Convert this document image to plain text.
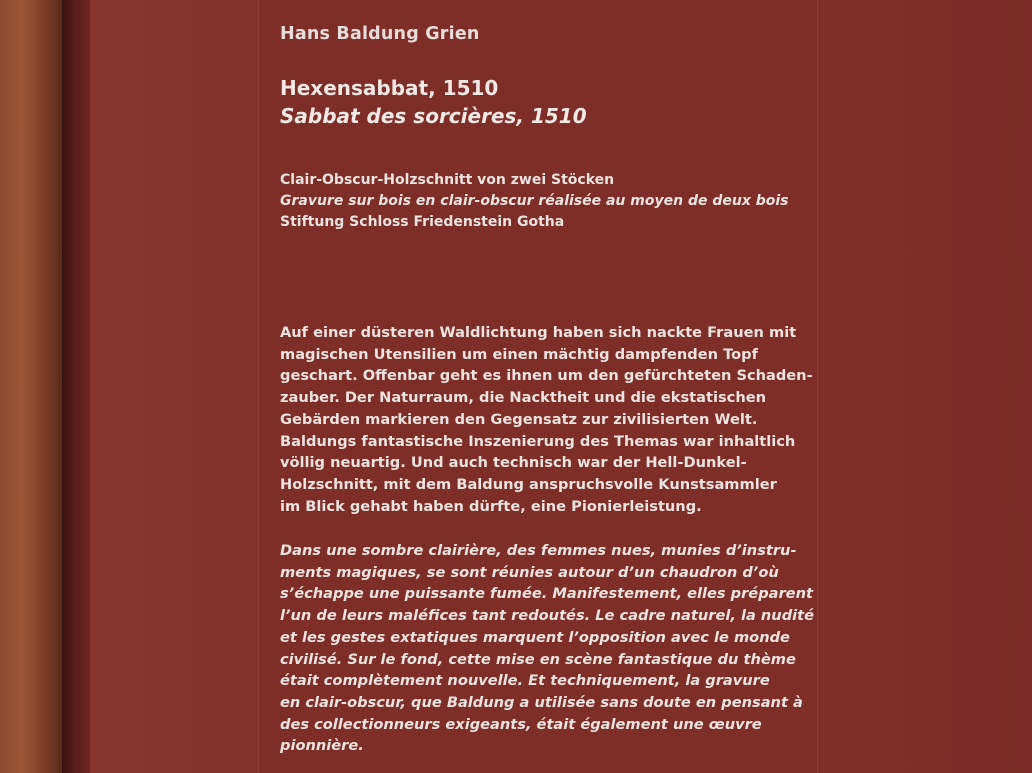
Hans Baldung Grien
Hexensabbat, 1510
Sabbat des sorcières, 1510
Clair-Obscur-Holzschnitt von zwei Stöcken
Gravure sur bois en clair-obscur réalisée au moyen de deux bois
Stiftung Schloss Friedenstein Gotha
Auf einer düsteren Waldlichtung haben sich nackte Frauen mit
magischen Utensilien um einen mächtig dampfenden Topf
geschart. Offenbar geht es ihnen um den gefürchteten Schaden-
zauber. Der Naturraum, die Nacktheit und die ekstatischen
Gebärden markieren den Gegensatz zur zivilisierten Welt.
Baldungs fantastische Inszenierung des Themas war inhaltlich
völlig neuartig. Und auch technisch war der Hell-Dunkel-
Holzschnitt, mit dem Baldung anspruchsvolle Kunstsammler
im Blick gehabt haben dürfte, eine Pionierleistung.
Dans une sombre clairière, des femmes nues, munies d’instru-
ments magiques, se sont réunies autour d’un chaudron d’où
s’échappe une puissante fumée. Manifestement, elles préparent
l’un de leurs maléfices tant redoutés. Le cadre naturel, la nudité
et les gestes extatiques marquent l’opposition avec le monde
civilisé. Sur le fond, cette mise en scène fantastique du thème
était complètement nouvelle. Et techniquement, la gravure
en clair-obscur, que Baldung a utilisée sans doute en pensant à
des collectionneurs exigeants, était également une œuvre
pionnière.
